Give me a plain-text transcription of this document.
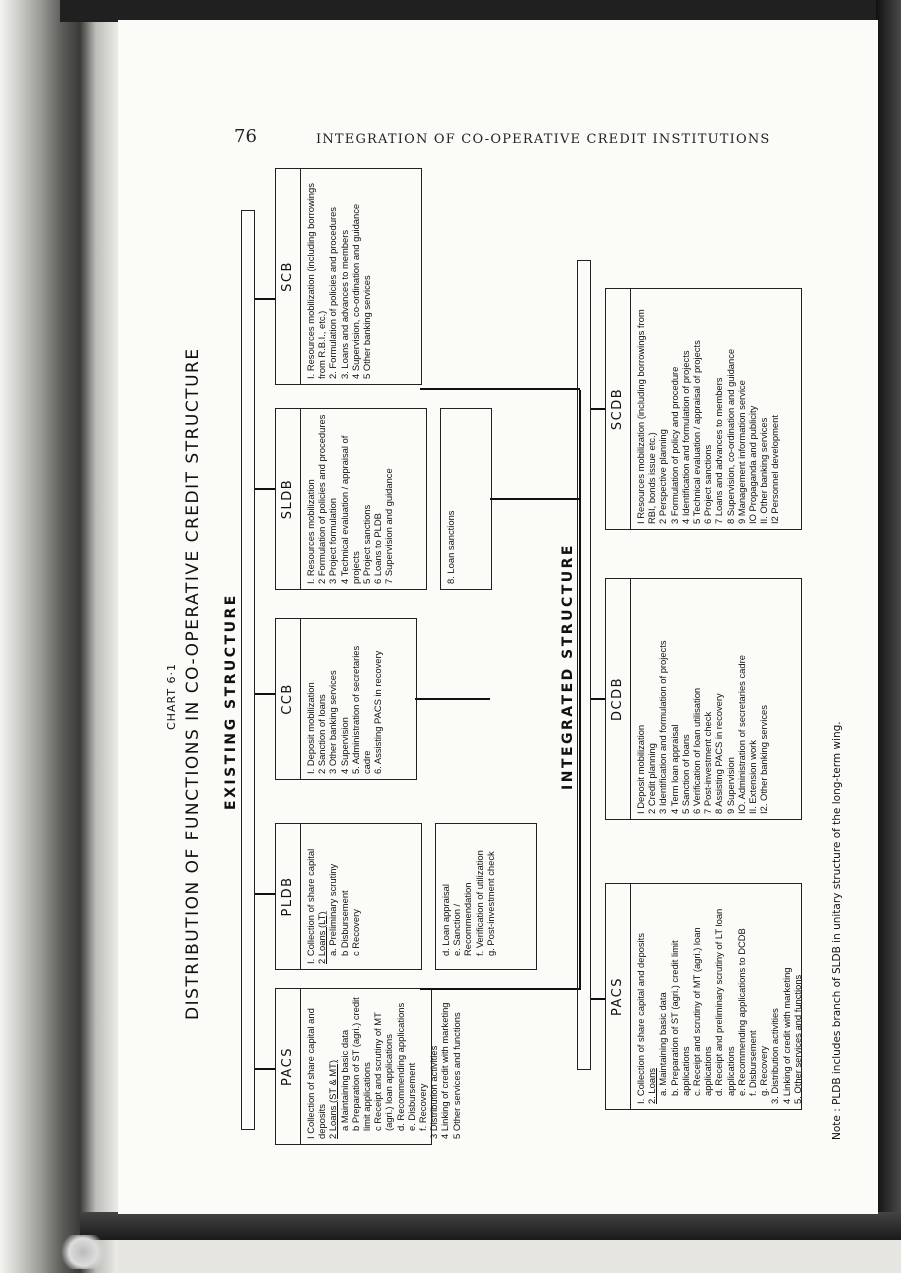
76	INTEGRATION OF CO-OPERATIVE CREDIT INSTITUTIONS
CHART 6·1 DISTRIBUTION OF FUNCTIONS IN CO-OPERATIVE CREDIT STRUCTURE EXISTING STRUCTURE
PACS	I Collection of share capital and deposits 2 Loans (ST & MT) a Maintaining basic data b Preparation of ST (agri.) credit limit applications c Receipt and scrutiny of MT (agri.) loan applications d. Recommending applications e. Disbursement f. Recovery 3 Distribution activities 4 Linking of credit with marketing 5 Other services and functions
PLDB	I. Collection of share capital 2 Loans (LT) a. Preliminary scrutiny b Disbursement c Recovery	d. Loan appraisal e. Sanction / Recommendation f. Verification of utilization g. Post-investment check
CCB	I. Deposit mobilization 2 Sanction of loans 3 Other banking services 4 Supervision 5. Administration of secretaries cadre 6. Assisting PACS in recovery
SLDB	I. Resources mobilization 2 Formulation of policies and procedures 3 Project formulation 4 Technical evaluation / appraisal of projects 5 Project sanctions 6 Loans to PLDB 7 Supervision and guidance	8. Loan sanctions
SCB	I. Resources mobilization (including borrowings from R.B.I., etc.) 2. Formulation of policies and procedures 3. Loans and advances to members 4 Supervision, co-ordination and guidance 5 Other banking services
INTEGRATED STRUCTURE
PACS	I. Collection of share capital and deposits 2. Loans a. Maintaining basic data b. Preparation of ST (agri.) credit limit applications c. Receipt and scrutiny of MT (agri.) loan applications d. Receipt and preliminary scrutiny of LT loan applications e. Recommending applications to DCDB f. Disbursement g. Recovery 3. Distribution activities 4 Linking of credit with marketing 5. Other services and functions
DCDB
I Deposit mobilization 2 Credit planning 3 Identification and formulation of projects 4 Term loan appraisal 5 Sanction of loans 6 Verification of loan utilisation 7 Post-investment check 8 Assisting PACS in recovery 9 Supervision IO. Administration of secretaries cadre II. Extension work I2. Other banking services
SCDB	I Resources mobilization (including borrowings from RBI, bonds issue etc.) 2 Perspective planning 3 Formulation of policy and procedure 4 Identification and formulation of projects 5 Technical evaluation / appraisal of projects 6 Project sanctions 7 Loans and advances to members 8 Supervision, co-ordination and guidance 9 Management information service IO Propaganda and publicity II. Other banking services I2 Personnel development
Note : PLDB includes branch of SLDB in unitary structure of the long-term wing.
